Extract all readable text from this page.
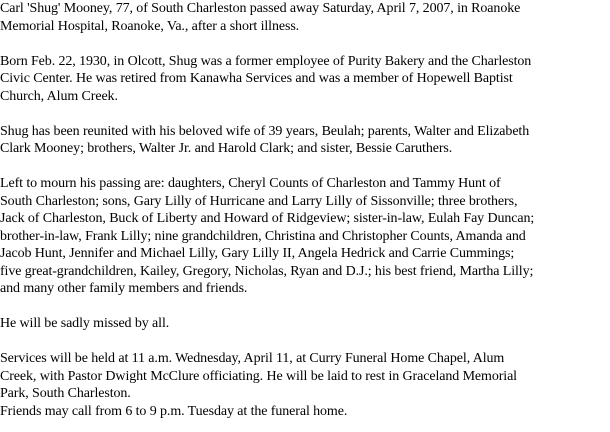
Carl 'Shug' Mooney, 77, of South Charleston passed away Saturday, April 7, 2007, in Roanoke
Memorial Hospital, Roanoke, Va., after a short illness.

Born Feb. 22, 1930, in Olcott, Shug was a former employee of Purity Bakery and the Charleston
Civic Center. He was retired from Kanawha Services and was a member of Hopewell Baptist
Church, Alum Creek.

Shug has been reunited with his beloved wife of 39 years, Beulah; parents, Walter and Elizabeth
Clark Mooney; brothers, Walter Jr. and Harold Clark; and sister, Bessie Caruthers.

Left to mourn his passing are: daughters, Cheryl Counts of Charleston and Tammy Hunt of
South Charleston; sons, Gary Lilly of Hurricane and Larry Lilly of Sissonville; three brothers,
Jack of Charleston, Buck of Liberty and Howard of Ridgeview; sister-in-law, Eulah Fay Duncan;
brother-in-law, Frank Lilly; nine grandchildren, Christina and Christopher Counts, Amanda and
Jacob Hunt, Jennifer and Michael Lilly, Gary Lilly II, Angela Hedrick and Carrie Cummings;
five great-grandchildren, Kailey, Gregory, Nicholas, Ryan and D.J.; his best friend, Martha Lilly;
and many other family members and friends.

He will be sadly missed by all.

Services will be held at 11 a.m. Wednesday, April 11, at Curry Funeral Home Chapel, Alum
Creek, with Pastor Dwight McClure officiating. He will be laid to rest in Graceland Memorial
Park, South Charleston.
Friends may call from 6 to 9 p.m. Tuesday at the funeral home.
